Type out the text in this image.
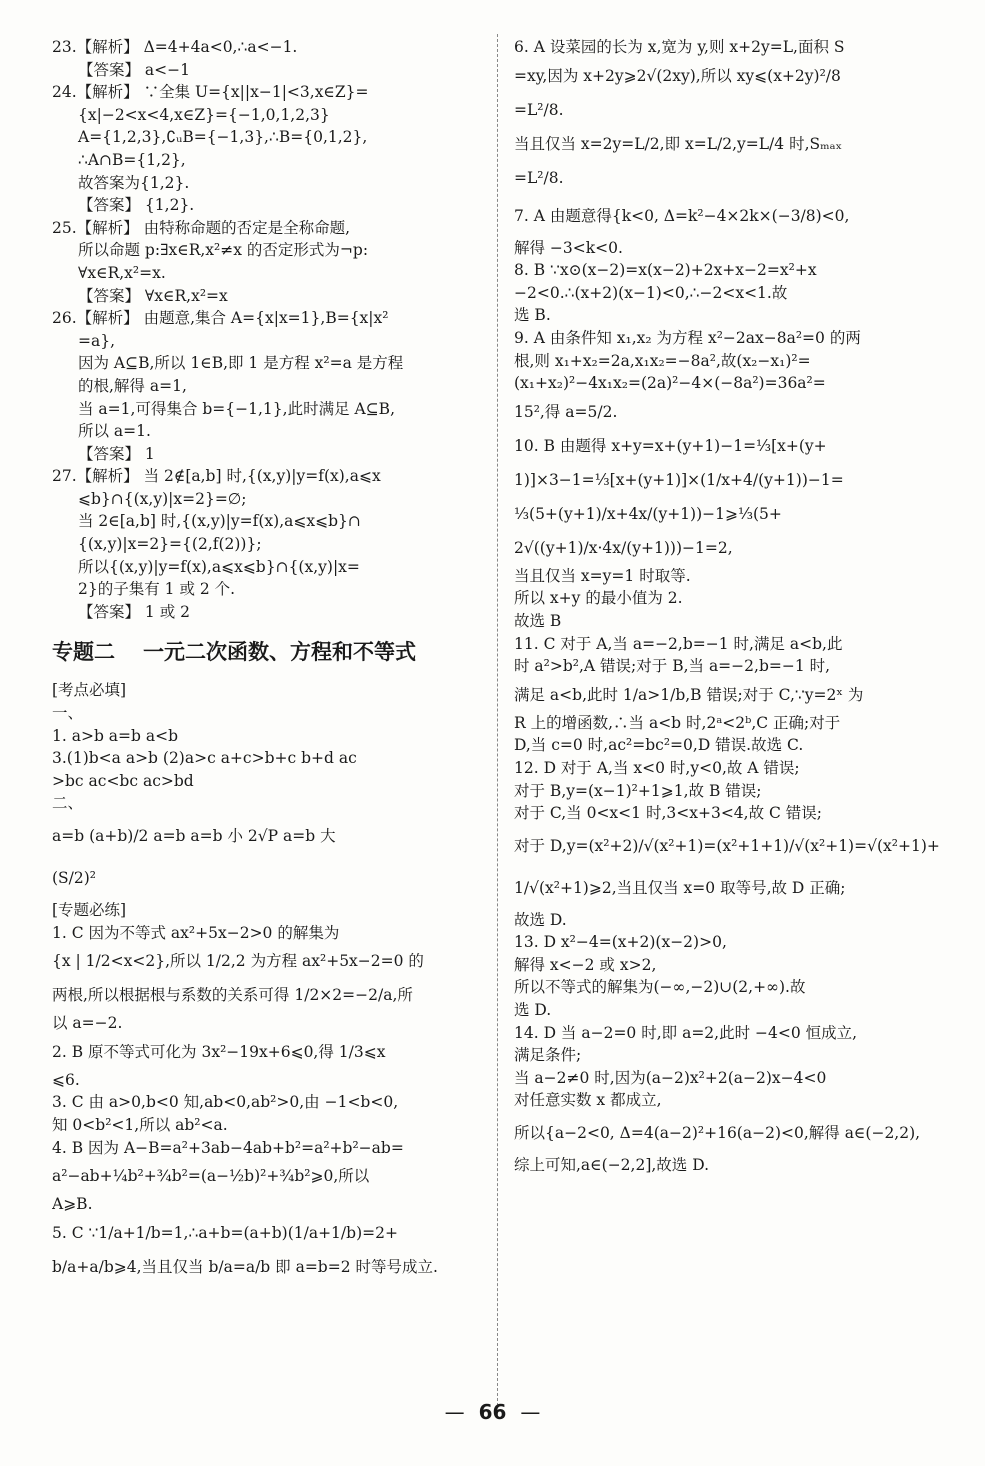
23.【解析】 Δ=4+4a<0,∴a<−1.
【答案】 a<−1
24.【解析】 ∵全集 U={x||x−1|<3,x∈Z}=
{x|−2<x<4,x∈Z}={−1,0,1,2,3}
A={1,2,3},∁ᵤB={−1,3},∴B={0,1,2},
∴A∩B={1,2},
故答案为{1,2}.
【答案】 {1,2}.
25.【解析】 由特称命题的否定是全称命题,
所以命题 p:∃x∈R,x²≠x 的否定形式为¬p:
∀x∈R,x²=x.
【答案】 ∀x∈R,x²=x
26.【解析】 由题意,集合 A={x|x=1},B={x|x²
=a},
因为 A⊆B,所以 1∈B,即 1 是方程 x²=a 是方程
的根,解得 a=1,
当 a=1,可得集合 b={−1,1},此时满足 A⊆B,
所以 a=1.
【答案】 1
27.【解析】 当 2∉[a,b] 时,{(x,y)|y=f(x),a⩽x
⩽b}∩{(x,y)|x=2}=∅;
当 2∈[a,b] 时,{(x,y)|y=f(x),a⩽x⩽b}∩
{(x,y)|x=2}={(2,f(2))};
所以{(x,y)|y=f(x),a⩽x⩽b}∩{(x,y)|x=
2}的子集有 1 或 2 个.
【答案】 1 或 2
专题二 一元二次函数、方程和不等式
[考点必填]
一、
1. a>b a=b a<b
3.(1)b<a a>b (2)a>c a+c>b+c b+d ac
>bc ac<bc ac>bd
二、
a=b (a+b)/2 a=b a=b 小 2√P a=b 大
(S/2)²
[专题必练]
1. C 因为不等式 ax²+5x−2>0 的解集为
{x | 1/2<x<2},所以 1/2,2 为方程 ax²+5x−2=0 的
两根,所以根据根与系数的关系可得 1/2×2=−2/a,所
以 a=−2.
2. B 原不等式可化为 3x²−19x+6⩽0,得 1/3⩽x
⩽6.
3. C 由 a>0,b<0 知,ab<0,ab²>0,由 −1<b<0,
知 0<b²<1,所以 ab²<a.
4. B 因为 A−B=a²+3ab−4ab+b²=a²+b²−ab=
a²−ab+¼b²+¾b²=(a−½b)²+¾b²⩾0,所以
A⩾B.
5. C ∵1/a+1/b=1,∴a+b=(a+b)(1/a+1/b)=2+
b/a+a/b⩾4,当且仅当 b/a=a/b 即 a=b=2 时等号成立.
6. A 设菜园的长为 x,宽为 y,则 x+2y=L,面积 S
=xy,因为 x+2y⩾2√(2xy),所以 xy⩽(x+2y)²/8
=L²/8.
当且仅当 x=2y=L/2,即 x=L/2,y=L/4 时,Sₘₐₓ
=L²/8.
7. A 由题意得{k<0, Δ=k²−4×2k×(−3/8)<0,
解得 −3<k<0.
8. B ∵x⊙(x−2)=x(x−2)+2x+x−2=x²+x
−2<0.∴(x+2)(x−1)<0,∴−2<x<1.故
选 B.
9. A 由条件知 x₁,x₂ 为方程 x²−2ax−8a²=0 的两
根,则 x₁+x₂=2a,x₁x₂=−8a²,故(x₂−x₁)²=
(x₁+x₂)²−4x₁x₂=(2a)²−4×(−8a²)=36a²=
15²,得 a=5/2.
10. B 由题得 x+y=x+(y+1)−1=⅓[x+(y+
1)]×3−1=⅓[x+(y+1)]×(1/x+4/(y+1))−1=
⅓(5+(y+1)/x+4x/(y+1))−1⩾⅓(5+
2√((y+1)/x·4x/(y+1)))−1=2,
当且仅当 x=y=1 时取等.
所以 x+y 的最小值为 2.
故选 B
11. C 对于 A,当 a=−2,b=−1 时,满足 a<b,此
时 a²>b²,A 错误;对于 B,当 a=−2,b=−1 时,
满足 a<b,此时 1/a>1/b,B 错误;对于 C,∵y=2ˣ 为
R 上的增函数,∴当 a<b 时,2ᵃ<2ᵇ,C 正确;对于
D,当 c=0 时,ac²=bc²=0,D 错误.故选 C.
12. D 对于 A,当 x<0 时,y<0,故 A 错误;
对于 B,y=(x−1)²+1⩾1,故 B 错误;
对于 C,当 0<x<1 时,3<x+3<4,故 C 错误;
对于 D,y=(x²+2)/√(x²+1)=(x²+1+1)/√(x²+1)=√(x²+1)+
1/√(x²+1)⩾2,当且仅当 x=0 取等号,故 D 正确;
故选 D.
13. D x²−4=(x+2)(x−2)>0,
解得 x<−2 或 x>2,
所以不等式的解集为(−∞,−2)∪(2,+∞).故
选 D.
14. D 当 a−2=0 时,即 a=2,此时 −4<0 恒成立,
满足条件;
当 a−2≠0 时,因为(a−2)x²+2(a−2)x−4<0
对任意实数 x 都成立,
所以{a−2<0, Δ=4(a−2)²+16(a−2)<0,解得 a∈(−2,2),
综上可知,a∈(−2,2],故选 D.
— 66 —
